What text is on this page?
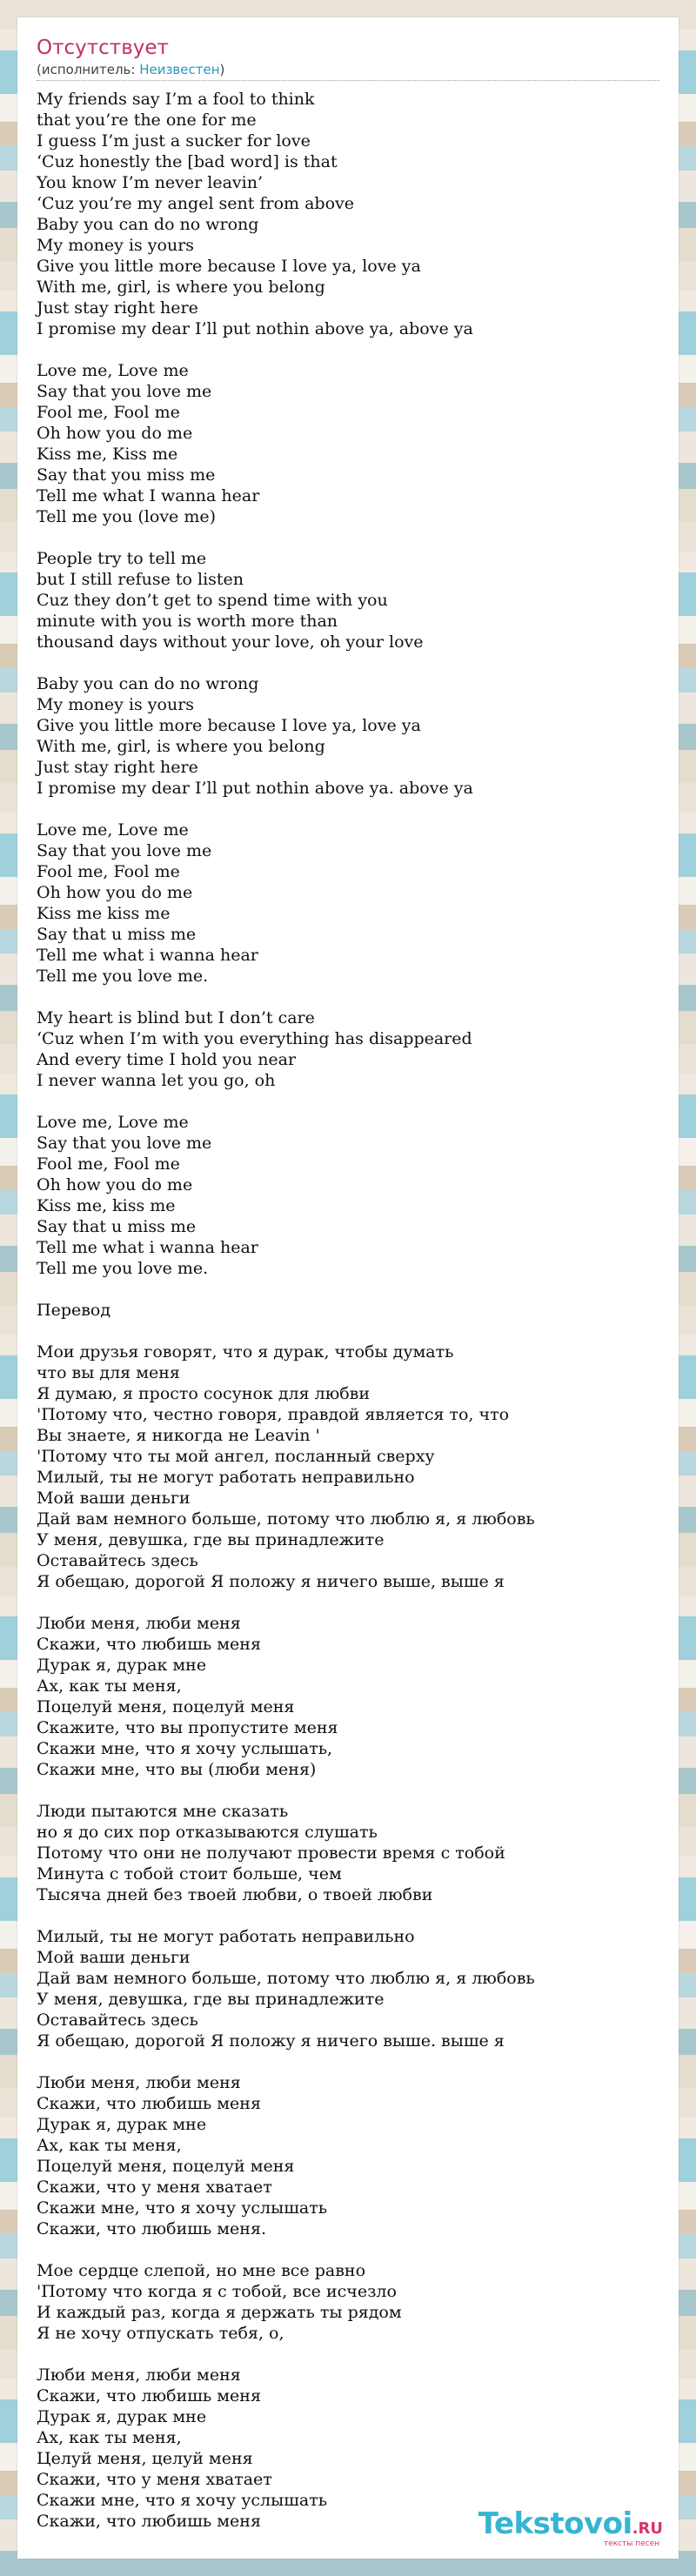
Отсутствует
(исполнитель: Неизвестен)
My friends say I’m a fool to think
that you’re the one for me
I guess I’m just a sucker for love
‘Cuz honestly the [bad word] is that
You know I’m never leavin’
‘Cuz you’re my angel sent from above
Baby you can do no wrong
My money is yours
Give you little more because I love ya, love ya
With me, girl, is where you belong
Just stay right here
I promise my dear I’ll put nothin above ya, above ya
Love me, Love me
Say that you love me
Fool me, Fool me
Oh how you do me
Kiss me, Kiss me
Say that you miss me
Tell me what I wanna hear
Tell me you (love me)
People try to tell me
but I still refuse to listen
Cuz they don’t get to spend time with you
minute with you is worth more than
thousand days without your love, oh your love
Baby you can do no wrong
My money is yours
Give you little more because I love ya, love ya
With me, girl, is where you belong
Just stay right here
I promise my dear I’ll put nothin above ya. above ya
Love me, Love me
Say that you love me
Fool me, Fool me
Oh how you do me
Kiss me kiss me
Say that u miss me
Tell me what i wanna hear
Tell me you love me.
My heart is blind but I don’t care
‘Cuz when I’m with you everything has disappeared
And every time I hold you near
I never wanna let you go, oh
Love me, Love me
Say that you love me
Fool me, Fool me
Oh how you do me
Kiss me, kiss me
Say that u miss me
Tell me what i wanna hear
Tell me you love me.
Перевод
Мои друзья говорят, что я дурак, чтобы думать
что вы для меня
Я думаю, я просто сосунок для любви
'Потому что, честно говоря, правдой является то, что
Вы знаете, я никогда не Leavin '
'Потому что ты мой ангел, посланный сверху
Милый, ты не могут работать неправильно
Мой ваши деньги
Дай вам немного больше, потому что люблю я, я любовь
У меня, девушка, где вы принадлежите
Оставайтесь здесь
Я обещаю, дорогой Я положу я ничего выше, выше я
Люби меня, люби меня
Скажи, что любишь меня
Дурак я, дурак мне
Ах, как ты меня,
Поцелуй меня, поцелуй меня
Скажите, что вы пропустите меня
Скажи мне, что я хочу услышать,
Скажи мне, что вы (люби меня)
Люди пытаются мне сказать
но я до сих пор отказываются слушать
Потому что они не получают провести время с тобой
Минута с тобой стоит больше, чем
Тысяча дней без твоей любви, о твоей любви
Милый, ты не могут работать неправильно
Мой ваши деньги
Дай вам немного больше, потому что люблю я, я любовь
У меня, девушка, где вы принадлежите
Оставайтесь здесь
Я обещаю, дорогой Я положу я ничего выше. выше я
Люби меня, люби меня
Скажи, что любишь меня
Дурак я, дурак мне
Ах, как ты меня,
Поцелуй меня, поцелуй меня
Скажи, что у меня хватает
Скажи мне, что я хочу услышать
Скажи, что любишь меня.
Мое сердце слепой, но мне все равно
'Потому что когда я с тобой, все исчезло
И каждый раз, когда я держать ты рядом
Я не хочу отпускать тебя, о,
Люби меня, люби меня
Скажи, что любишь меня
Дурак я, дурак мне
Ах, как ты меня,
Целуй меня, целуй меня
Скажи, что у меня хватает
Скажи мне, что я хочу услышать
Скажи, что любишь меня	Tekstovoi.RU
тексты песен
